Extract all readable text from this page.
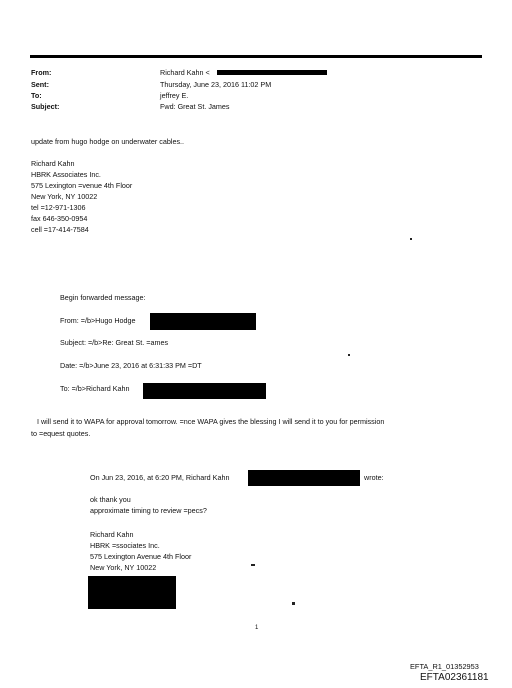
From:
Sent:
To:
Subject:
Richard Kahn <
Thursday, June 23, 2016 11:02 PM
jeffrey E.
Fwd: Great St. James
update from hugo hodge on underwater cables..
Richard Kahn
HBRK Associates Inc.
575 Lexington =venue 4th Floor
New York, NY 10022
tel =12-971-1306
fax 646-350-0954
cell =17-414-7584
Begin forwarded message:
From: =/b>Hugo Hodge
Subject: =/b>Re: Great St. =ames
Date: =/b>June 23, 2016 at 6:31:33 PM =DT
To: =/b>Richard Kahn
I will send it to WAPA for approval tomorrow. =nce WAPA gives the blessing I will send it to you for permission
to =equest quotes.
On Jun 23, 2016, at 6:20 PM, Richard Kahn	wrote:
ok thank you
approximate timing to review =pecs?
Richard Kahn
HBRK =ssociates Inc.
575 Lexington Avenue 4th Floor
New York, NY 10022
1
EFTA_R1_01352953
EFTA02361181
